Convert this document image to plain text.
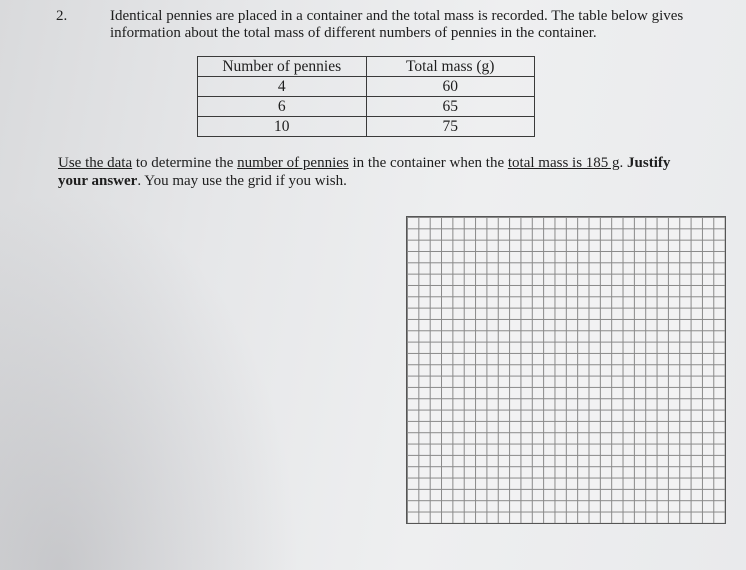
2.	Identical pennies are placed in a container and the total mass is recorded. The table below gives information about the total mass of different numbers of pennies in the container.
Number of pennies	Total mass (g)
4	60
6	65
10	75
Use the data to determine the number of pennies in the container when the total mass is 185 g. Justify your answer. You may use the grid if you wish.
